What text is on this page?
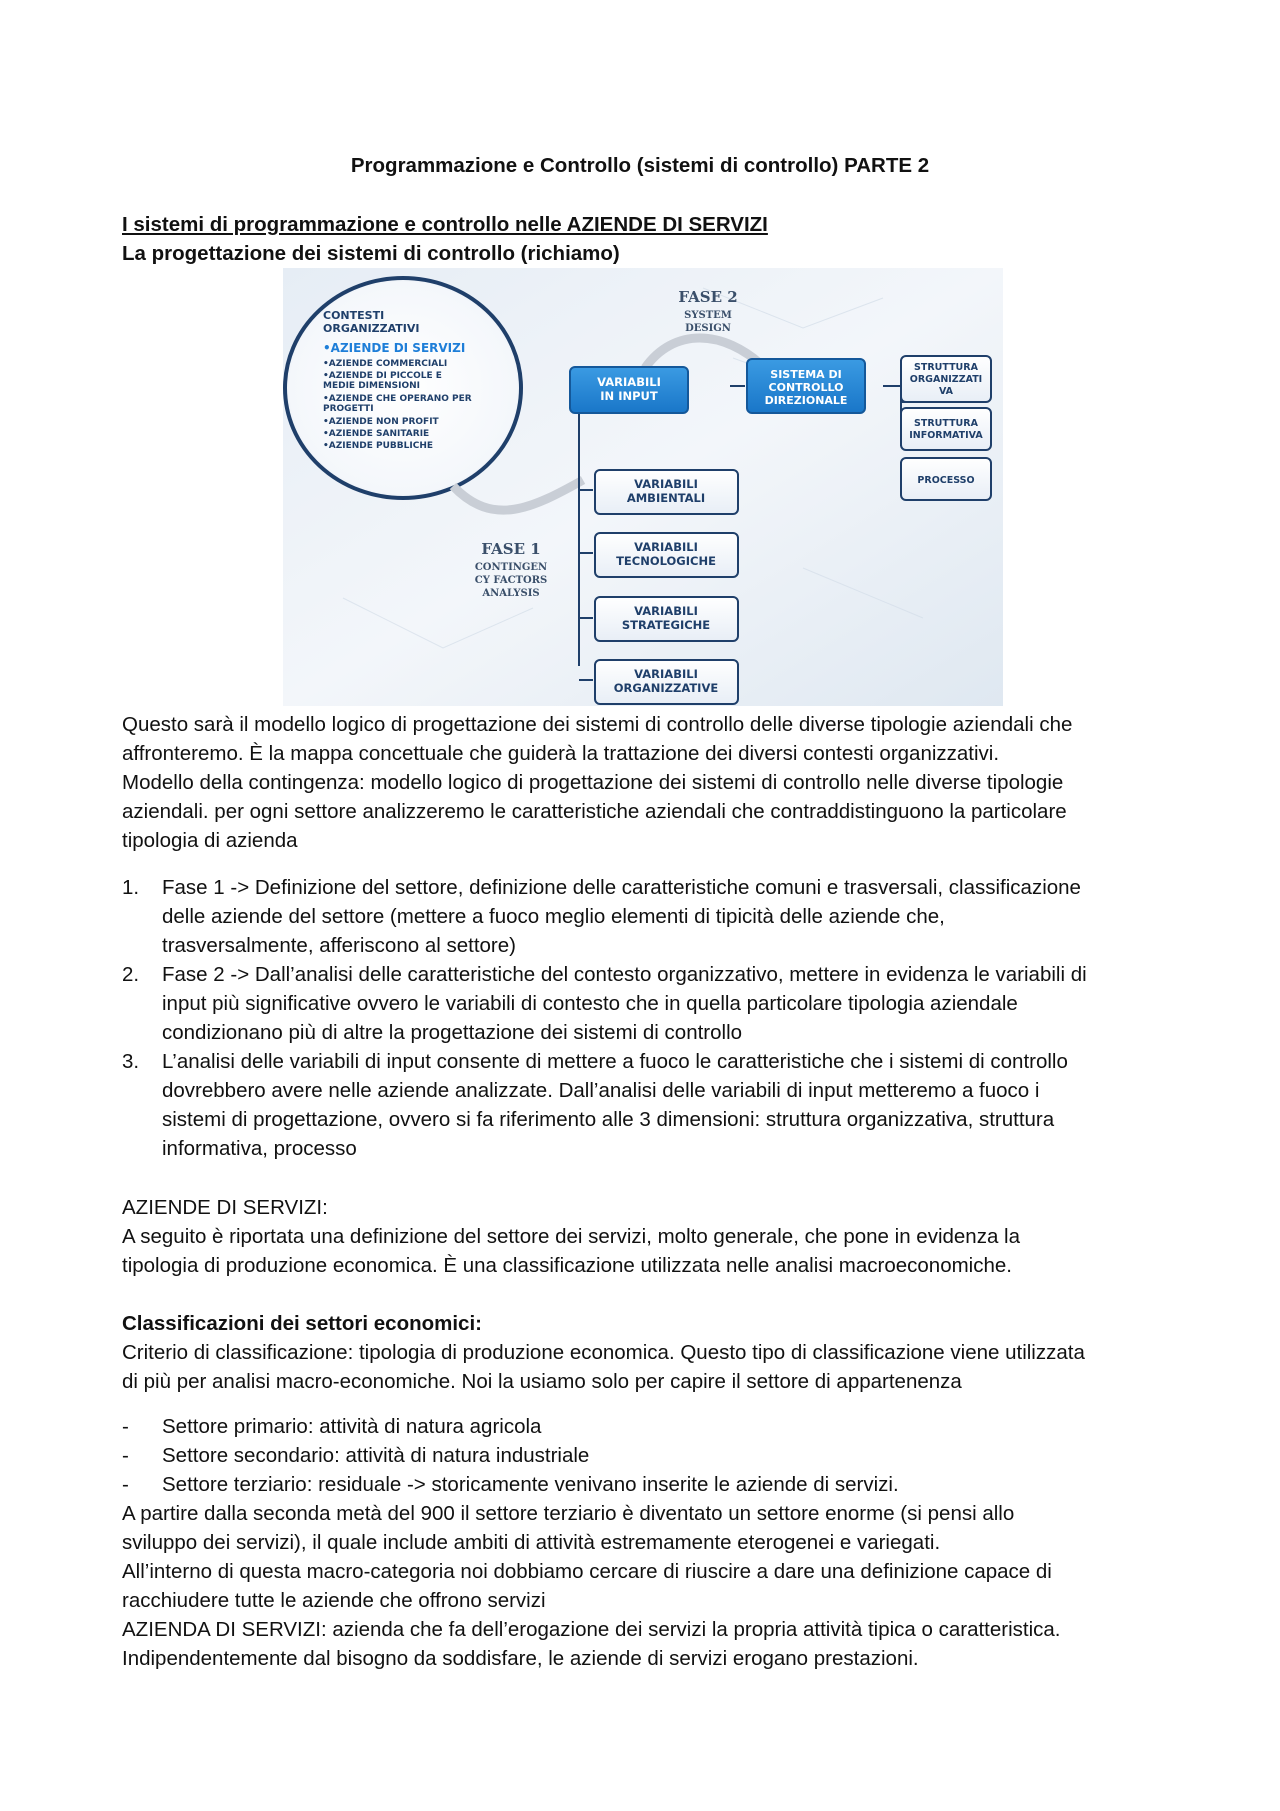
Programmazione e Controllo (sistemi di controllo) PARTE 2
I sistemi di programmazione e controllo nelle AZIENDE DI SERVIZI
La progettazione dei sistemi di controllo (richiamo)
CONTESTI
ORGANIZZATIVI
•AZIENDE DI SERVIZI
•AZIENDE COMMERCIALI
•AZIENDE DI PICCOLE E
MEDIE DIMENSIONI
•AZIENDE CHE OPERANO PER
PROGETTI
•AZIENDE NON PROFIT
•AZIENDE SANITARIE
•AZIENDE PUBBLICHE
FASE 2
SYSTEM
DESIGN
FASE 1
CONTINGEN
CY FACTORS
ANALYSIS
VARIABILI
IN INPUT
SISTEMA DI
CONTROLLO
DIREZIONALE
VARIABILI
AMBIENTALI
VARIABILI
TECNOLOGICHE
VARIABILI
STRATEGICHE
VARIABILI
ORGANIZZATIVE
STRUTTURA
ORGANIZZATI
VA
STRUTTURA
INFORMATIVA
PROCESSO
Questo sarà il modello logico di progettazione dei sistemi di controllo delle diverse tipologie aziendali che
affronteremo. È la mappa concettuale che guiderà la trattazione dei diversi contesti organizzativi.
Modello della contingenza: modello logico di progettazione dei sistemi di controllo nelle diverse tipologie
aziendali. per ogni settore analizzeremo le caratteristiche aziendali che contraddistinguono la particolare
tipologia di azienda
1. Fase 1 -> Definizione del settore, definizione delle caratteristiche comuni e trasversali, classificazione
delle aziende del settore (mettere a fuoco meglio elementi di tipicità delle aziende che,
trasversalmente, afferiscono al settore)
2. Fase 2 -> Dall’analisi delle caratteristiche del contesto organizzativo, mettere in evidenza le variabili di
input più significative ovvero le variabili di contesto che in quella particolare tipologia aziendale
condizionano più di altre la progettazione dei sistemi di controllo
3. L’analisi delle variabili di input consente di mettere a fuoco le caratteristiche che i sistemi di controllo
dovrebbero avere nelle aziende analizzate. Dall’analisi delle variabili di input metteremo a fuoco i
sistemi di progettazione, ovvero si fa riferimento alle 3 dimensioni: struttura organizzativa, struttura
informativa, processo
AZIENDE DI SERVIZI:
A seguito è riportata una definizione del settore dei servizi, molto generale, che pone in evidenza la
tipologia di produzione economica. È una classificazione utilizzata nelle analisi macroeconomiche.
Classificazioni dei settori economici:
Criterio di classificazione: tipologia di produzione economica. Questo tipo di classificazione viene utilizzata
di più per analisi macro-economiche. Noi la usiamo solo per capire il settore di appartenenza
- Settore primario: attività di natura agricola
- Settore secondario: attività di natura industriale
- Settore terziario: residuale -> storicamente venivano inserite le aziende di servizi.
A partire dalla seconda metà del 900 il settore terziario è diventato un settore enorme (si pensi allo
sviluppo dei servizi), il quale include ambiti di attività estremamente eterogenei e variegati.
All’interno di questa macro-categoria noi dobbiamo cercare di riuscire a dare una definizione capace di
racchiudere tutte le aziende che offrono servizi
AZIENDA DI SERVIZI: azienda che fa dell’erogazione dei servizi la propria attività tipica o caratteristica.
Indipendentemente dal bisogno da soddisfare, le aziende di servizi erogano prestazioni.
